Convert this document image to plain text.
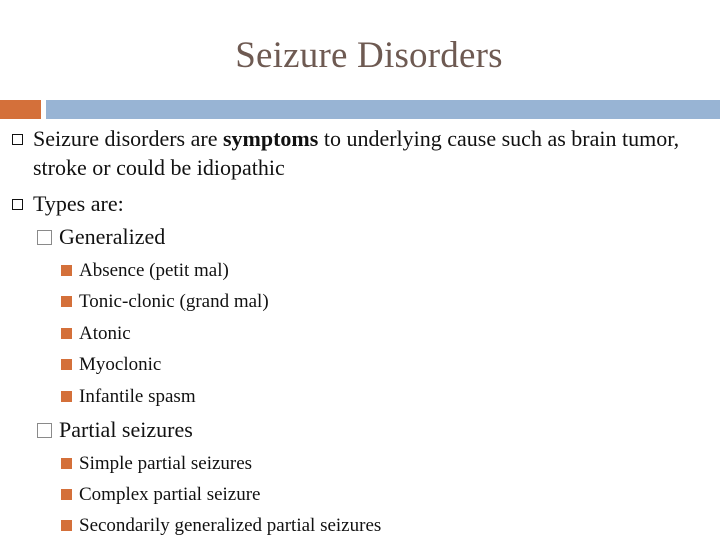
Seizure Disorders
Seizure disorders are symptoms to underlying cause such as brain tumor, stroke or could be idiopathic
Types are:
Generalized
Absence (petit mal)
Tonic-clonic (grand mal)
Atonic
Myoclonic
Infantile spasm
Partial seizures
Simple partial seizures
Complex partial seizure
Secondarily generalized partial seizures
